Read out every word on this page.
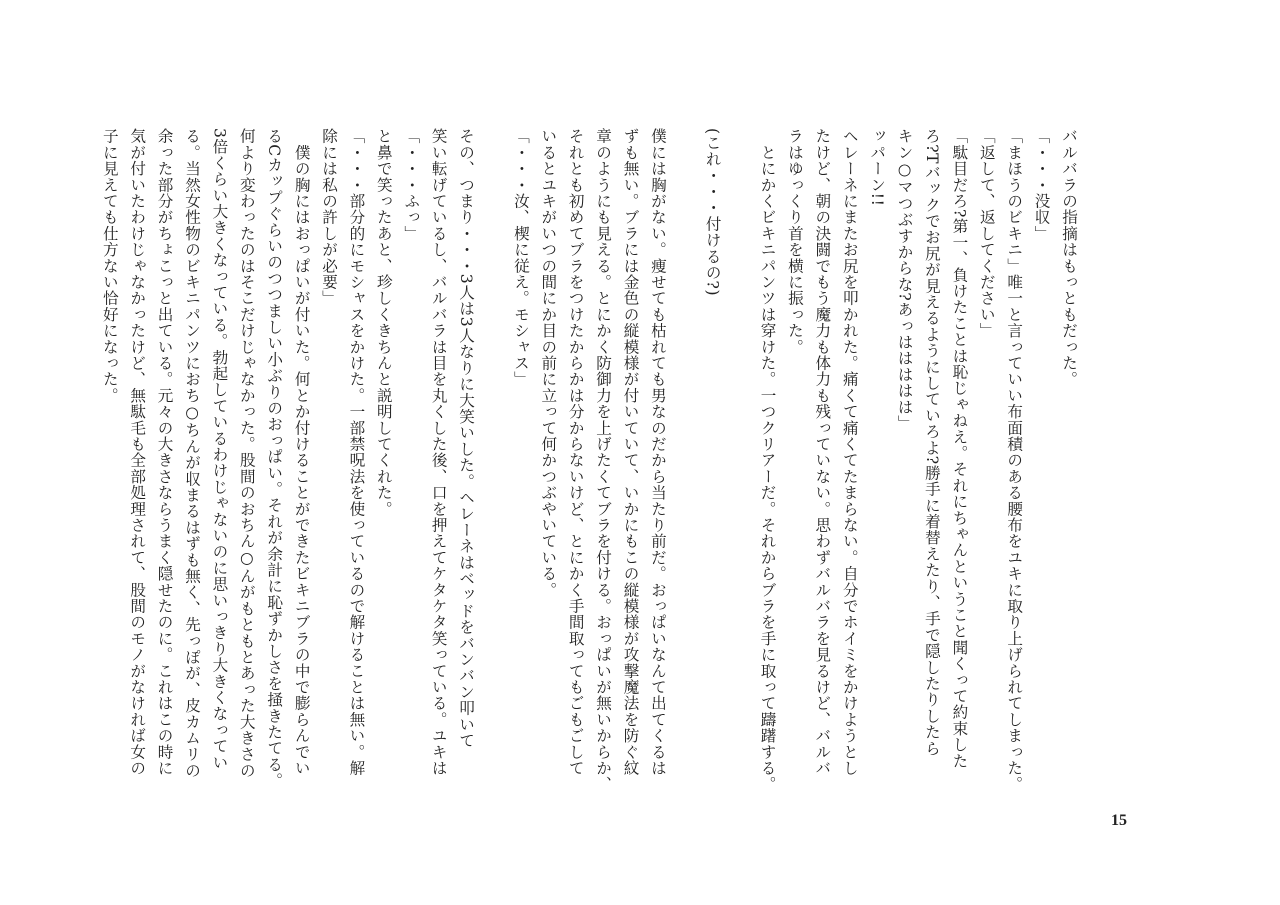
バルバラの指摘はもっともだった。

「・・・没収」

「まほうのビキニ」唯一と言っていい布面積のある腰布をユキに取り上げられてしまった。

「返して、返してください」

「駄目だろ?第一、負けたことは恥じゃねえ。それにちゃんということ聞くって約束した

ろ?Tバックでお尻が見えるようにしていろよ?勝手に着替えたり、手で隠したりしたら

キン○マつぶすからな?あっははははは」

ッパーン!!

ヘレーネにまたお尻を叩かれた。痛くて痛くてたまらない。自分でホイミをかけようとし

たけど、朝の決闘でもう魔力も体力も残っていない。思わずバルバラを見るけど、バルバ

ラはゆっくり首を横に振った。

　とにかくビキニパンツは穿けた。一つクリアーだ。それからブラを手に取って躊躇する。

(これ・・・付けるの?)

僕には胸がない。痩せても枯れても男なのだから当たり前だ。おっぱいなんて出てくるは

ずも無い。ブラには金色の縦模様が付いていて、いかにもこの縦模様が攻撃魔法を防ぐ紋

章のようにも見える。とにかく防御力を上げたくてブラを付ける。おっぱいが無いからか、

それとも初めてブラをつけたからかは分からないけど、とにかく手間取ってもごもごして

いるとユキがいつの間にか目の前に立って何かつぶやいている。

「・・・汝、楔に従え。モシャス」

その、つまり・・・3人は3人なりに大笑いした。ヘレーネはベッドをバンバン叩いて

笑い転げているし、バルバラは目を丸くした後、口を押えてケタケタ笑っている。ユキは

「・・・ふっ」

と鼻で笑ったあと、珍しくきちんと説明してくれた。

「・・・部分的にモシャスをかけた。一部禁呪法を使っているので解けることは無い。解

除には私の許しが必要」

　僕の胸にはおっぱいが付いた。何とか付けることができたビキニブラの中で膨らんでい

るCカップぐらいのつつましい小ぶりのおっぱい。それが余計に恥ずかしさを掻きたてる。

何より変わったのはそこだけじゃなかった。股間のおちん○んがもともとあった大きさの

3倍くらい大きくなっている。勃起しているわけじゃないのに思いっきり大きくなってい

る。当然女性物のビキニパンツにおち○ちんが収まるはずも無く、先っぽが、皮カムリの

余った部分がちょこっと出ている。元々の大きさならうまく隠せたのに。これはこの時に

気が付いたわけじゃなかったけど、無駄毛も全部処理されて、股間のモノがなければ女の

子に見えても仕方ない恰好になった。

15
